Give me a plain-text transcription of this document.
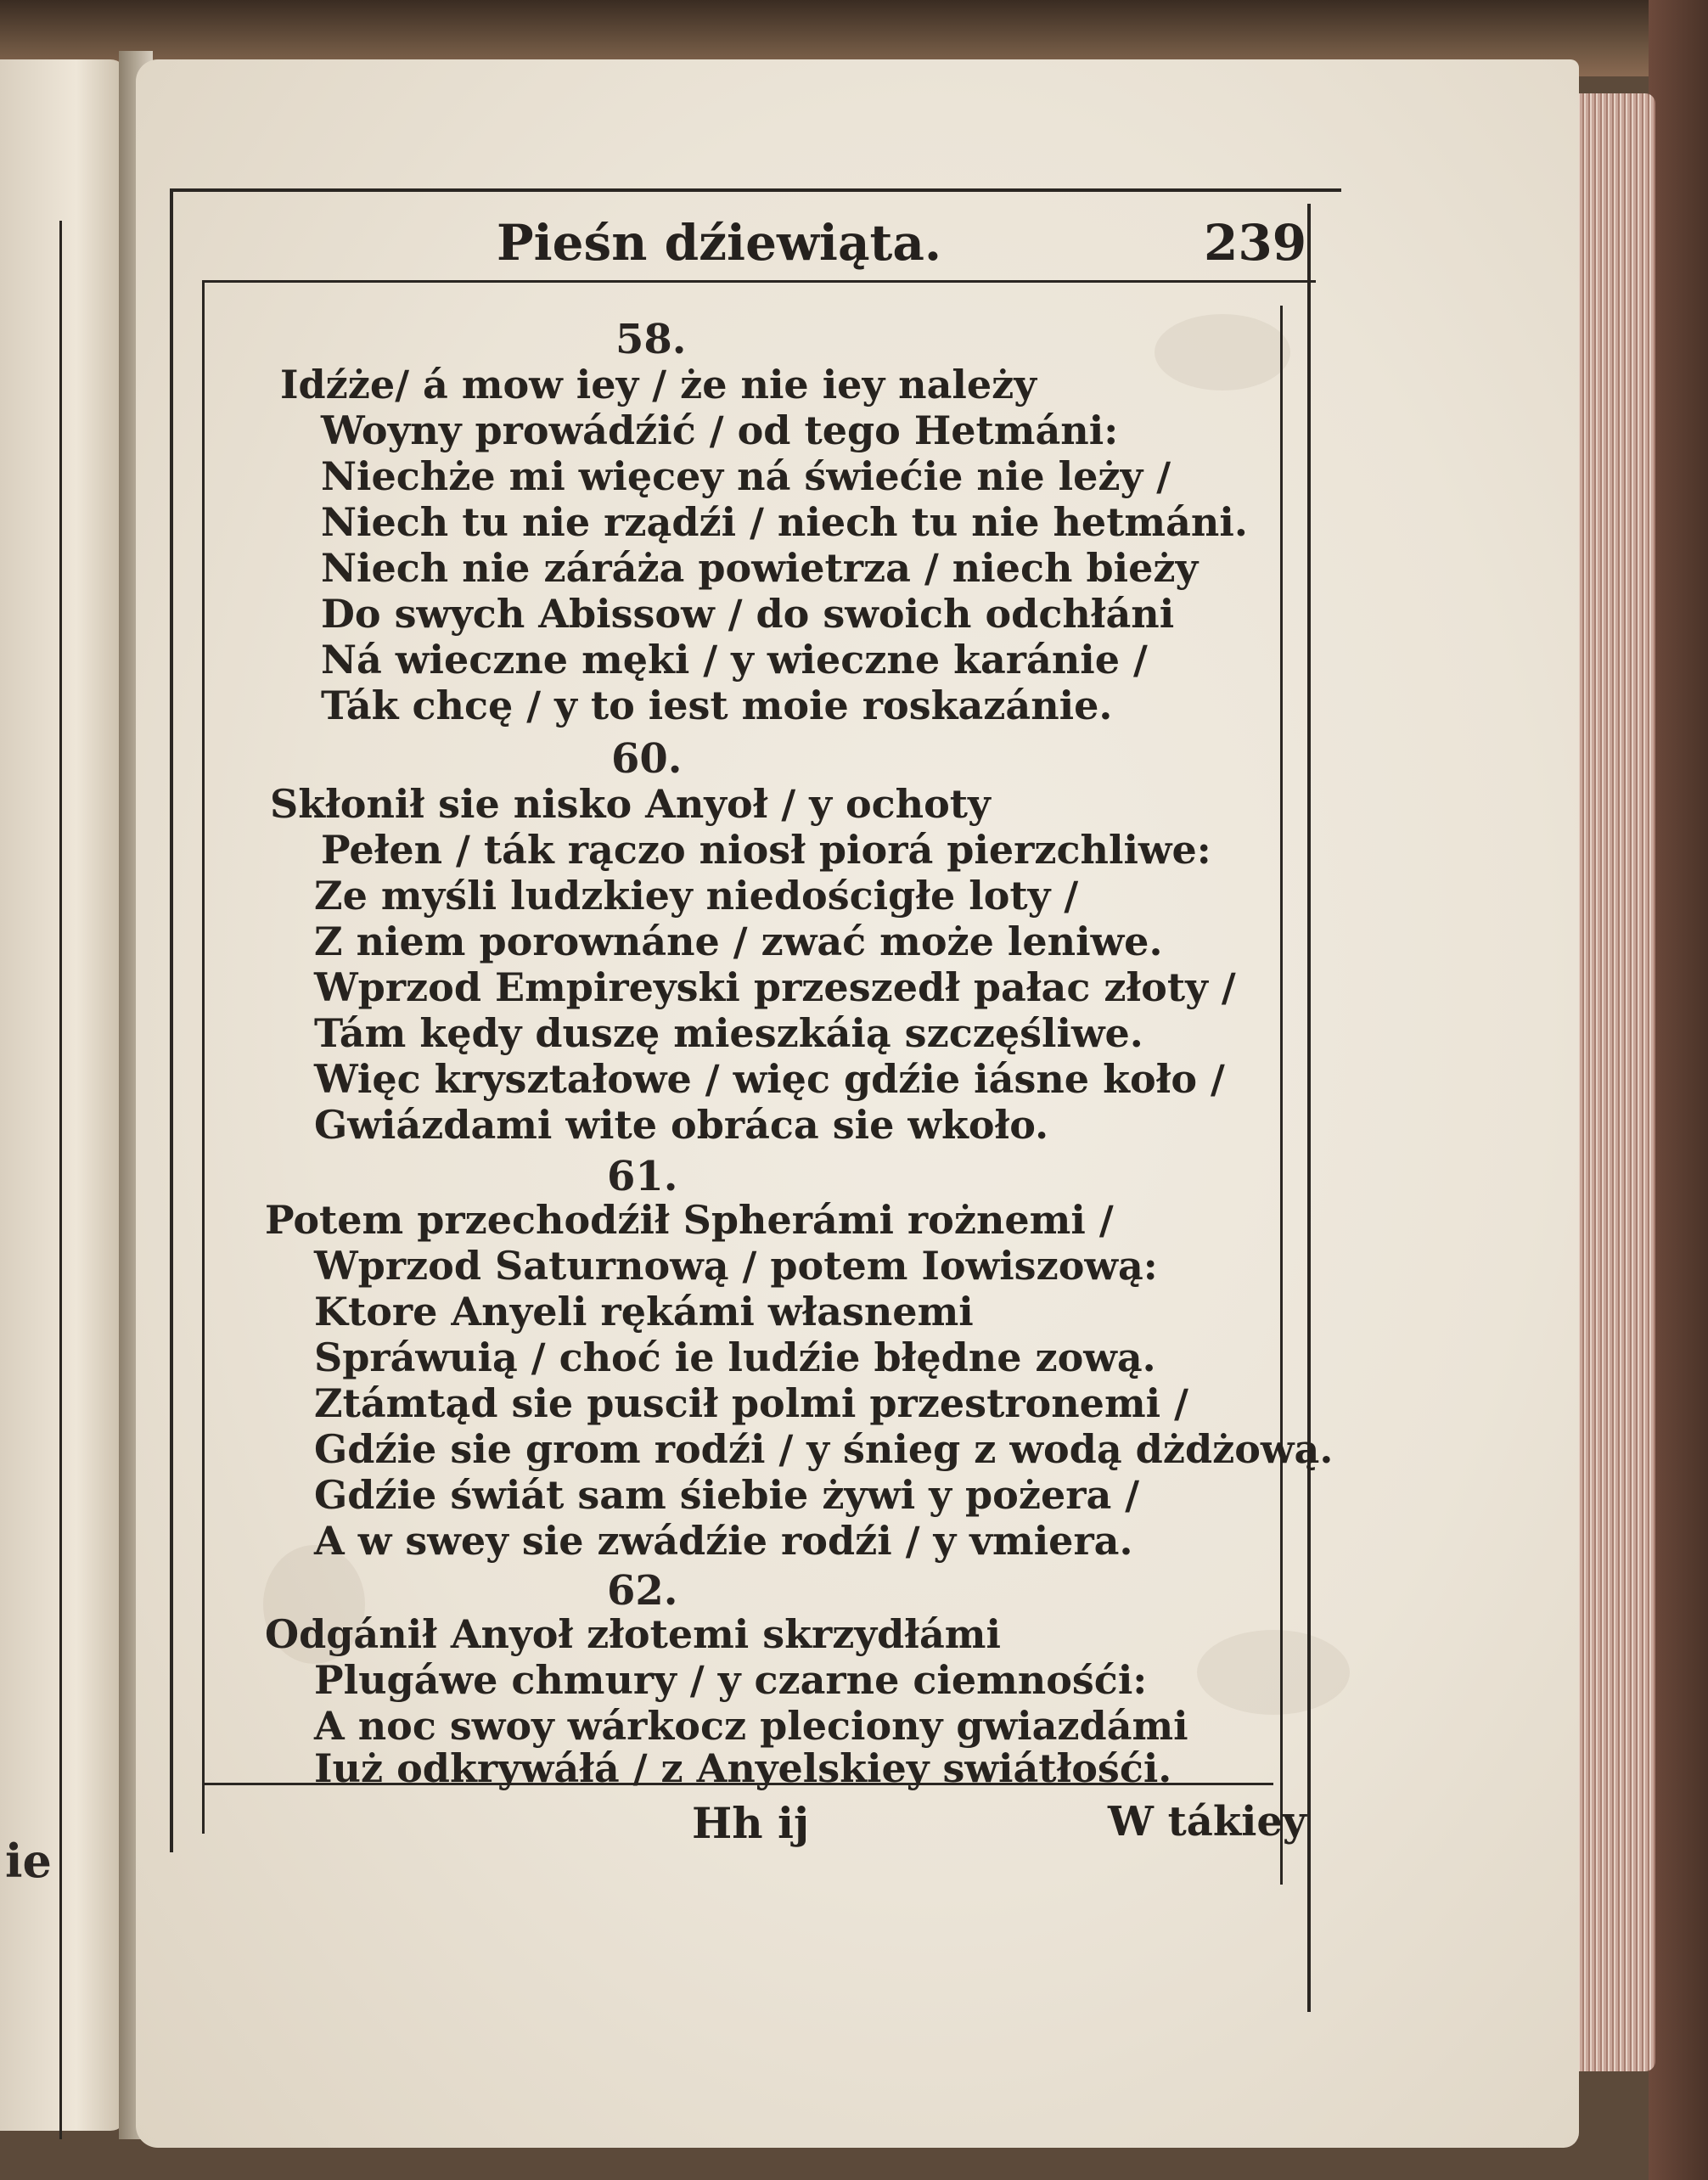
ie
Pieśn dźiewiąta.	239
58.
Idźże/ á mow iey / że nie iey należy
Woyny prowádźić / od tego Hetmáni:
Niechże mi więcey ná świećie nie leży /
Niech tu nie rządźi / niech tu nie hetmáni.
Niech nie záráża powietrza / niech bieży
Do swych Abissow / do swoich odchłáni
Ná wieczne męki / y wieczne karánie /
Ták chcę / y to iest moie roskazánie.
60.
Skłonił sie nisko Anyoł / y ochoty
Pełen / ták rączo niosł piorá pierzchliwe:
Ze myśli ludzkiey niedościgłe loty /
Z niem porownáne / zwać może leniwe.
Wprzod Empireyski przeszedł pałac złoty /
Tám kędy duszę mieszkáią szczęśliwe.
Więc kryształowe / więc gdźie iásne koło /
Gwiázdami wite obráca sie wkoło.
61.
Potem przechodźił Spherámi rożnemi /
Wprzod Saturnową / potem Iowiszową:
Ktore Anyeli rękámi własnemi
Spráwuią / choć ie ludźie błędne zową.
Ztámtąd sie puscił polmi przestronemi /
Gdźie sie grom rodźi / y śnieg z wodą dżdżową.
Gdźie świát sam śiebie żywi y pożera /
A w swey sie zwádźie rodźi / y vmiera.
62.
Odgánił Anyoł złotemi skrzydłámi
Plugáwe chmury / y czarne ciemnośći:
A noc swoy wárkocz pleciony gwiazdámi
Iuż odkrywáłá / z Anyelskiey swiátłośći.
Hh ij	W tákiey
